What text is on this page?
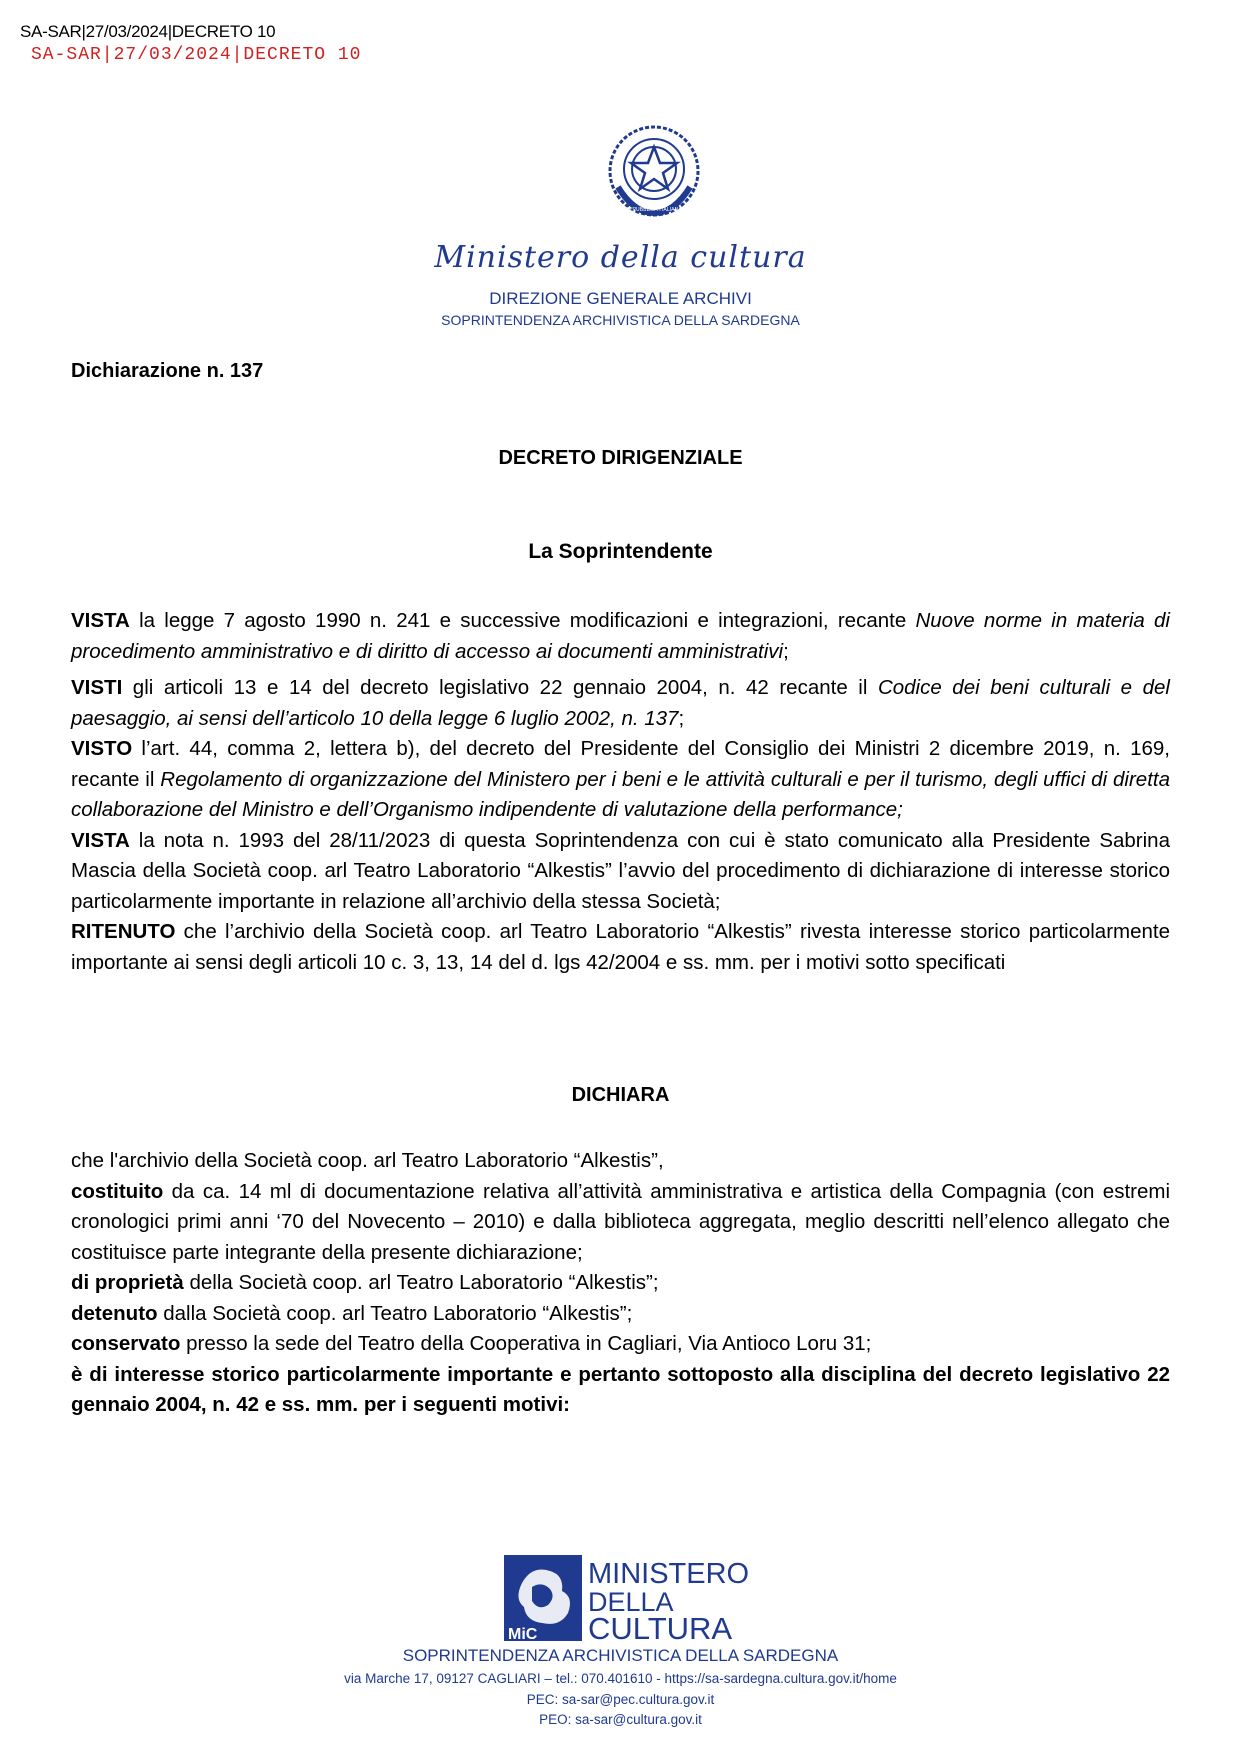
SA-SAR|27/03/2024|DECRETO 10
SA-SAR|27/03/2024|DECRETO 10
REPUBBLICA ITALIANA
Ministero della cultura
DIREZIONE GENERALE ARCHIVI
SOPRINTENDENZA ARCHIVISTICA DELLA SARDEGNA
Dichiarazione n. 137
DECRETO DIRIGENZIALE
La Soprintendente

VISTA la legge 7 agosto 1990 n. 241 e successive modificazioni e integrazioni, recante Nuove norme in materia di procedimento amministrativo e di diritto di accesso ai documenti amministrativi;

VISTI gli articoli 13 e 14 del decreto legislativo 22 gennaio 2004, n. 42 recante il Codice dei beni culturali e del paesaggio, ai sensi dell’articolo 10 della legge 6 luglio 2002, n. 137;

VISTO l’art. 44, comma 2, lettera b), del decreto del Presidente del Consiglio dei Ministri 2 dicembre 2019, n. 169, recante il Regolamento di organizzazione del Ministero per i beni e le attività culturali e per il turismo, degli uffici di diretta collaborazione del Ministro e dell’Organismo indipendente di valutazione della performance;

VISTA la nota n. 1993 del 28/11/2023 di questa Soprintendenza con cui è stato comunicato alla Presidente Sabrina Mascia della Società coop. arl Teatro Laboratorio “Alkestis” l’avvio del procedimento di dichiarazione di interesse storico particolarmente importante in relazione all’archivio della stessa Società;

RITENUTO che l’archivio della Società coop. arl Teatro Laboratorio “Alkestis” rivesta interesse storico particolarmente importante ai sensi degli articoli 10 c. 3, 13, 14 del d. lgs 42/2004 e ss. mm. per i motivi sotto specificati

DICHIARA

che l'archivio della Società coop. arl Teatro Laboratorio “Alkestis”,

costituito da ca. 14 ml di documentazione relativa all’attività amministrativa e artistica della Compagnia (con estremi cronologici primi anni ‘70 del Novecento – 2010) e dalla biblioteca aggregata, meglio descritti nell’elenco allegato che costituisce parte integrante della presente dichiarazione;

di proprietà della Società coop. arl Teatro Laboratorio “Alkestis”;

detenuto dalla Società coop. arl Teatro Laboratorio “Alkestis”;

conservato presso la sede del Teatro della Cooperativa in Cagliari, Via Antioco Loru 31;

è di interesse storico particolarmente importante e pertanto sottoposto alla disciplina del decreto legislativo 22 gennaio 2004, n. 42 e ss. mm. per i seguenti motivi:

MiC
MINISTERO
DELLA
CULTURA
SOPRINTENDENZA ARCHIVISTICA DELLA SARDEGNA
via Marche 17, 09127 CAGLIARI – tel.: 070.401610 - https://sa-sardegna.cultura.gov.it/home
PEC: sa-sar@pec.cultura.gov.it
PEO: sa-sar@cultura.gov.it
